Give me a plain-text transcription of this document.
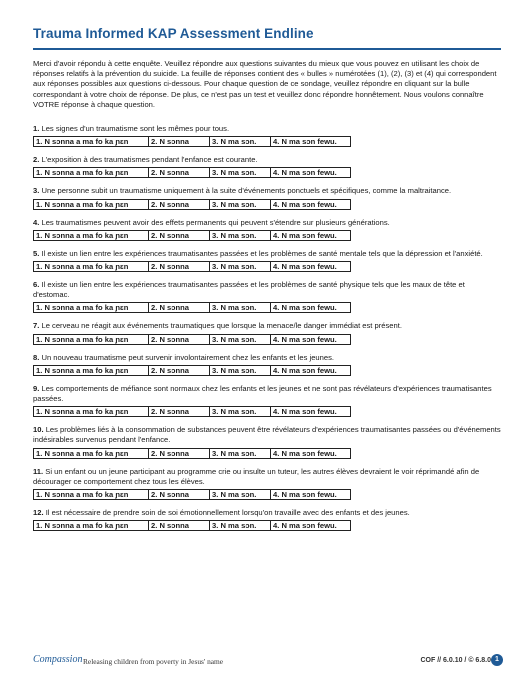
Trauma Informed KAP Assessment Endline
Merci d'avoir répondu à cette enquête. Veuillez répondre aux questions suivantes du mieux que vous pouvez en utilisant les choix de réponses relatifs à la prévention du suicide. La feuille de réponses contient des « bulles » numérotées (1), (2), (3) et (4) qui correspondent aux réponses possibles aux questions ci-dessous. Pour chaque question de ce sondage, veuillez répondre en cliquant sur la bulle correspondant à votre choix de réponse. De plus, ce n'est pas un test et veuillez donc répondre honnêtement. Nous voulons connaître VOTRE réponse à chaque question.
1. Les signes d'un traumatisme sont les mêmes pour tous.
1. N sɔnna a ma fo ka ɲɛn	2. N sɔnna	3. N ma sɔn.	4. N ma sɔn fewu.
2. L'exposition à des traumatismes pendant l'enfance est courante.
1. N sɔnna a ma fo ka ɲɛn	2. N sɔnna	3. N ma sɔn.	4. N ma sɔn fewu.
3. Une personne subit un traumatisme uniquement à la suite d'événements ponctuels et spécifiques, comme la maltraitance.
1. N sɔnna a ma fo ka ɲɛn	2. N sɔnna	3. N ma sɔn.	4. N ma sɔn fewu.
4. Les traumatismes peuvent avoir des effets permanents qui peuvent s'étendre sur plusieurs générations.
1. N sɔnna a ma fo ka ɲɛn	2. N sɔnna	3. N ma sɔn.	4. N ma sɔn fewu.
5. Il existe un lien entre les expériences traumatisantes passées et les problèmes de santé mentale tels que la dépression et l'anxiété.
1. N sɔnna a ma fo ka ɲɛn	2. N sɔnna	3. N ma sɔn.	4. N ma sɔn fewu.
6. Il existe un lien entre les expériences traumatisantes passées et les problèmes de santé physique tels que les maux de tête et d'estomac.
1. N sɔnna a ma fo ka ɲɛn	2. N sɔnna	3. N ma sɔn.	4. N ma sɔn fewu.
7. Le cerveau ne réagit aux événements traumatiques que lorsque la menace/le danger immédiat est présent.
1. N sɔnna a ma fo ka ɲɛn	2. N sɔnna	3. N ma sɔn.	4. N ma sɔn fewu.
8. Un nouveau traumatisme peut survenir involontairement chez les enfants et les jeunes.
1. N sɔnna a ma fo ka ɲɛn	2. N sɔnna	3. N ma sɔn.	4. N ma sɔn fewu.
9. Les comportements de méfiance sont normaux chez les enfants et les jeunes et ne sont pas révélateurs d'expériences traumatisantes passées.
1. N sɔnna a ma fo ka ɲɛn	2. N sɔnna	3. N ma sɔn.	4. N ma sɔn fewu.
10. Les problèmes liés à la consommation de substances peuvent être révélateurs d'expériences traumatisantes passées ou d'événements indésirables survenus pendant l'enfance.
1. N sɔnna a ma fo ka ɲɛn	2. N sɔnna	3. N ma sɔn.	4. N ma sɔn fewu.
11. Si un enfant ou un jeune participant au programme crie ou insulte un tuteur, les autres élèves devraient le voir réprimandé afin de décourager ce comportement chez tous les élèves.
1. N sɔnna a ma fo ka ɲɛn	2. N sɔnna	3. N ma sɔn.	4. N ma sɔn fewu.
12. Il est nécessaire de prendre soin de soi émotionnellement lorsqu'on travaille avec des enfants et des jeunes.
1. N sɔnna a ma fo ka ɲɛn	2. N sɔnna	3. N ma sɔn.	4. N ma sɔn fewu.
Compassion Releasing children from poverty in Jesus' name	COF // 6.0.10 / © 6.8.0 1
